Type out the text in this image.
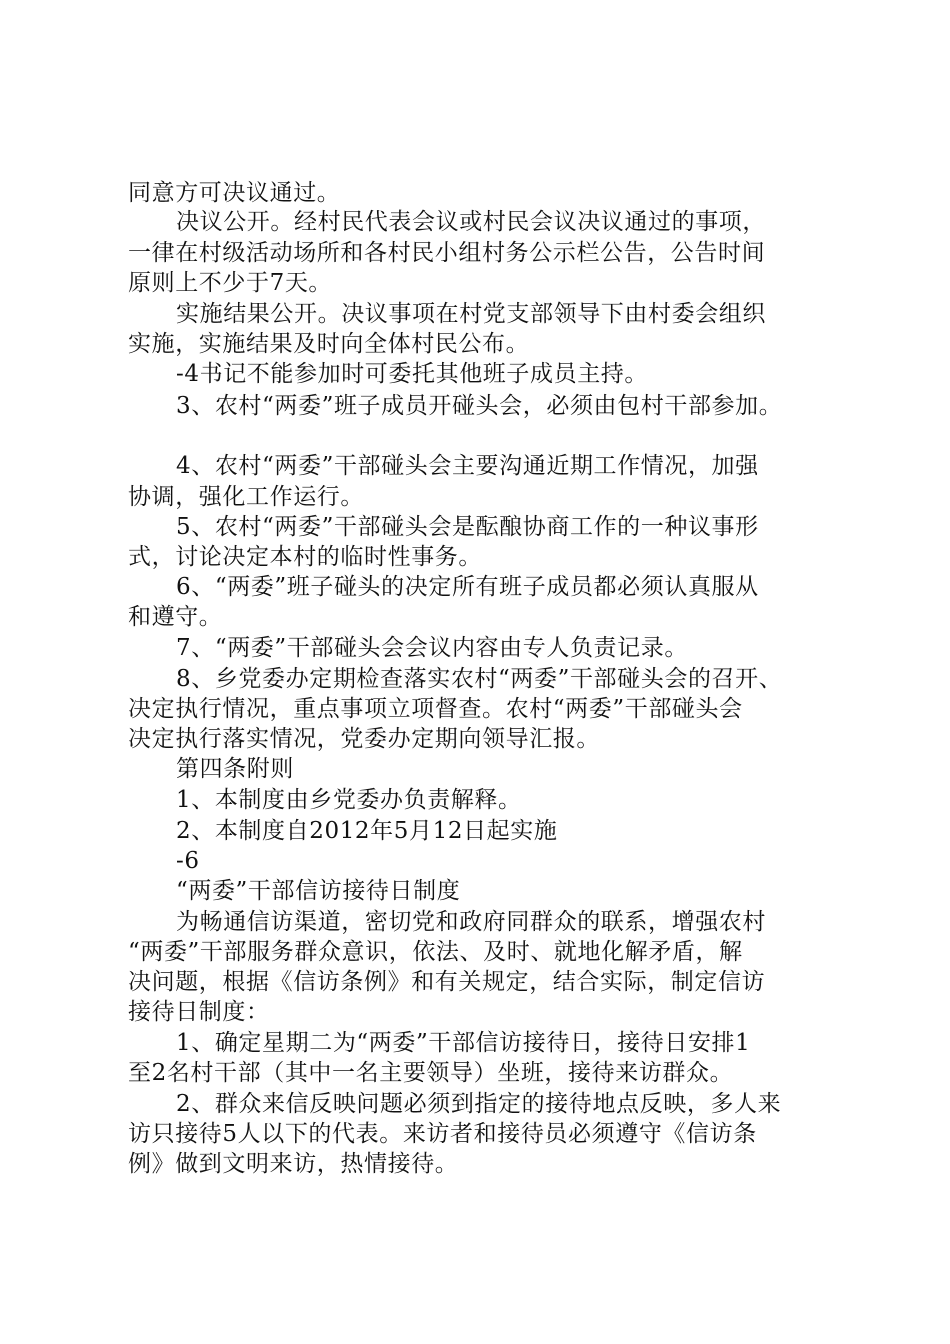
同意方可决议通过。
决议公开。经村民代表会议或村民会议决议通过的事项，
一律在村级活动场所和各村民小组村务公示栏公告，公告时间
原则上不少于7天。
实施结果公开。决议事项在村党支部领导下由村委会组织
实施，实施结果及时向全体村民公布。
-4书记不能参加时可委托其他班子成员主持。
3、农村“两委”班子成员开碰头会，必须由包村干部参加。
4、农村“两委”干部碰头会主要沟通近期工作情况，加强
协调，强化工作运行。
5、农村“两委”干部碰头会是酝酿协商工作的一种议事形
式，讨论决定本村的临时性事务。
6、“两委”班子碰头的决定所有班子成员都必须认真服从
和遵守。
7、“两委”干部碰头会会议内容由专人负责记录。
8、乡党委办定期检查落实农村“两委”干部碰头会的召开、
决定执行情况，重点事项立项督查。农村“两委”干部碰头会
决定执行落实情况，党委办定期向领导汇报。
第四条附则
1、本制度由乡党委办负责解释。
2、本制度自2012年5月12日起实施
-6
“两委”干部信访接待日制度
为畅通信访渠道，密切党和政府同群众的联系，增强农村
“两委”干部服务群众意识，依法、及时、就地化解矛盾，解
决问题，根据《信访条例》和有关规定，结合实际，制定信访
接待日制度：
1、确定星期二为“两委”干部信访接待日，接待日安排1
至2名村干部（其中一名主要领导）坐班，接待来访群众。
2、群众来信反映问题必须到指定的接待地点反映，多人来
访只接待5人以下的代表。来访者和接待员必须遵守《信访条
例》做到文明来访，热情接待。
